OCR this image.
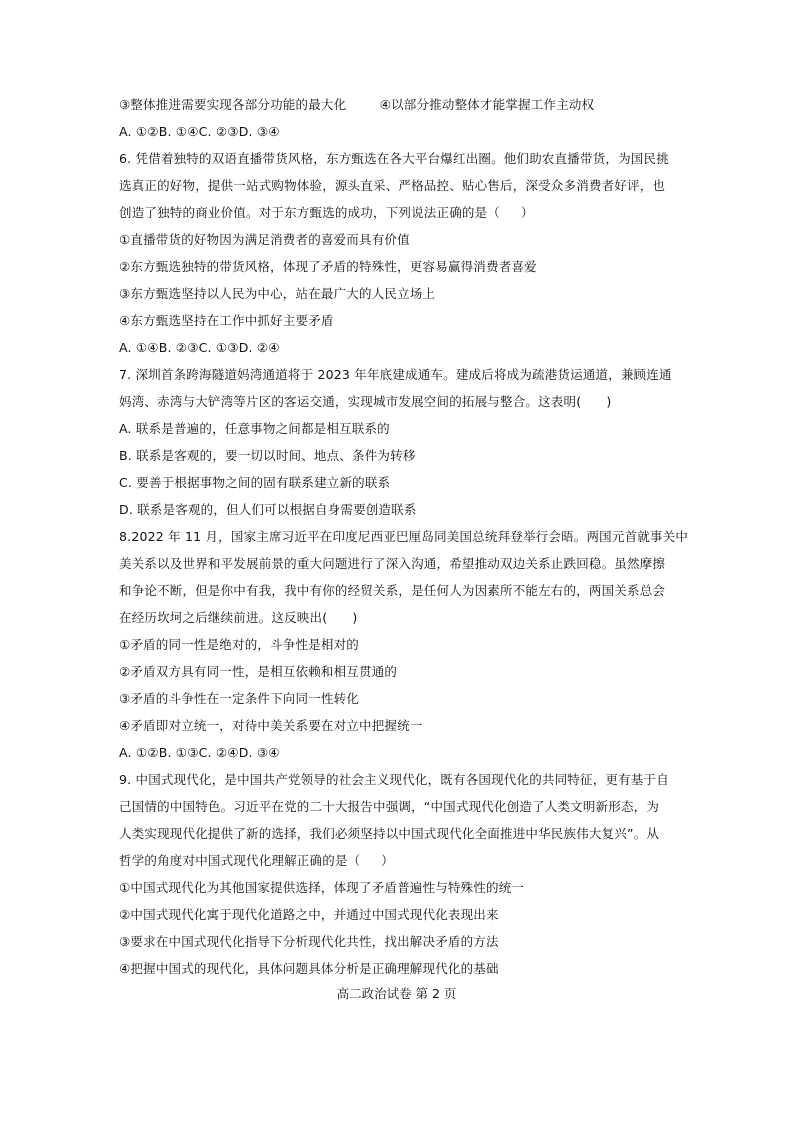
③整体推进需要实现各部分功能的最大化        ④以部分推动整体才能掌握工作主动权
A. ①②B. ①④C. ②③D. ③④
6. 凭借着独特的双语直播带货风格，东方甄选在各大平台爆红出圈。他们助农直播带货，为国民挑
选真正的好物，提供一站式购物体验，源头直采、严格品控、贴心售后，深受众多消费者好评，也
创造了独特的商业价值。对于东方甄选的成功，下列说法正确的是（     ）
①直播带货的好物因为满足消费者的喜爱而具有价值
②东方甄选独特的带货风格，体现了矛盾的特殊性，更容易赢得消费者喜爱
③东方甄选坚持以人民为中心，站在最广大的人民立场上
④东方甄选坚持在工作中抓好主要矛盾
A. ①④B. ②③C. ①③D. ②④
7. 深圳首条跨海隧道妈湾通道将于 2023 年年底建成通车。建成后将成为疏港货运通道，兼顾连通
妈湾、赤湾与大铲湾等片区的客运交通，实现城市发展空间的拓展与整合。这表明(      )
A. 联系是普遍的，任意事物之间都是相互联系的
B. 联系是客观的，要一切以时间、地点、条件为转移
C. 要善于根据事物之间的固有联系建立新的联系
D. 联系是客观的，但人们可以根据自身需要创造联系
8.2022 年 11 月，国家主席习近平在印度尼西亚巴厘岛同美国总统拜登举行会晤。两国元首就事关中
美关系以及世界和平发展前景的重大问题进行了深入沟通，希望推动双边关系止跌回稳。虽然摩擦
和争论不断，但是你中有我，我中有你的经贸关系，是任何人为因素所不能左右的，两国关系总会
在经历坎坷之后继续前进。这反映出(      )
①矛盾的同一性是绝对的，斗争性是相对的
②矛盾双方具有同一性，是相互依赖和相互贯通的
③矛盾的斗争性在一定条件下向同一性转化
④矛盾即对立统一，对待中美关系要在对立中把握统一
A. ①②B. ①③C. ②④D. ③④
9. 中国式现代化，是中国共产党领导的社会主义现代化，既有各国现代化的共同特征，更有基于自
己国情的中国特色。习近平在党的二十大报告中强调，“中国式现代化创造了人类文明新形态，为
人类实现现代化提供了新的选择，我们必须坚持以中国式现代化全面推进中华民族伟大复兴”。从
哲学的角度对中国式现代化理解正确的是（     ）
①中国式现代化为其他国家提供选择，体现了矛盾普遍性与特殊性的统一
②中国式现代化寓于现代化道路之中，并通过中国式现代化表现出来
③要求在中国式现代化指导下分析现代化共性，找出解决矛盾的方法
④把握中国式的现代化，具体问题具体分析是正确理解现代化的基础
高二政治试卷 第 2 页
